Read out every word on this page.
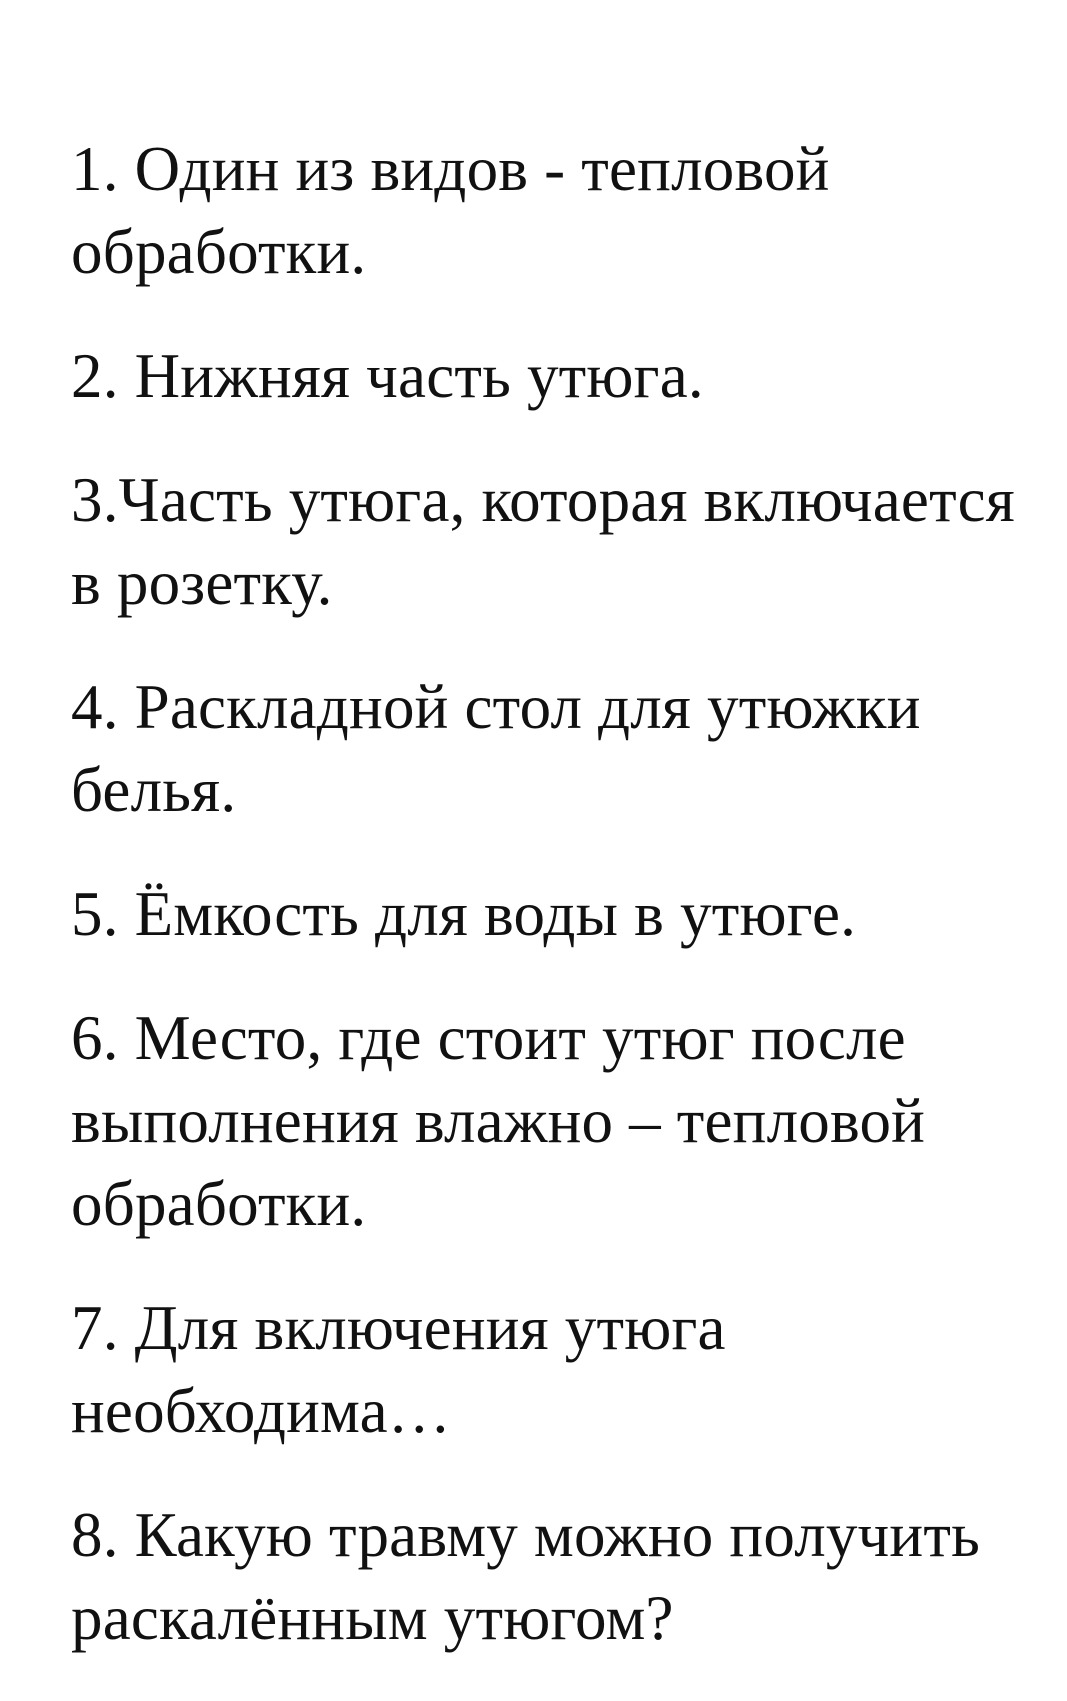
1. Один из видов - тепловой обработки.
2. Нижняя часть утюга.
3.Часть утюга, которая включается в розетку.
4. Раскладной стол для утюжки белья.
5. Ёмкость для воды в утюге.
6. Место, где стоит утюг после выполнения влажно – тепловой обработки.
7. Для включения утюга необходима…
8. Какую травму можно получить раскалённым утюгом?
